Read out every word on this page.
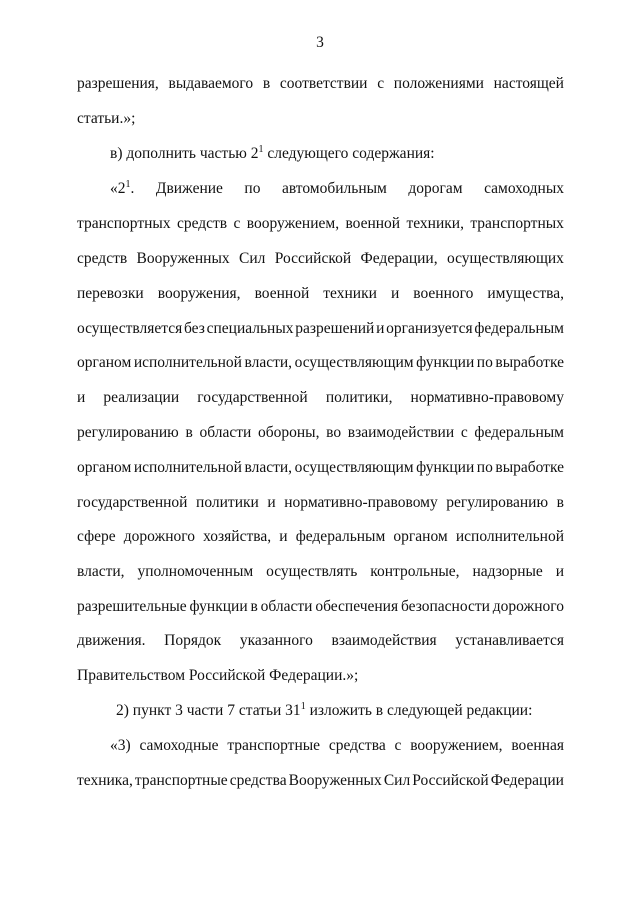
3
разрешения, выдаваемого в соответствии с положениями настоящей
статьи.»;
в) дополнить частью $2^1$ следующего содержания:
«$2^1$. Движение по автомобильным дорогам самоходных
транспортных средств с вооружением, военной техники, транспортных
средств Вооруженных Сил Российской Федерации, осуществляющих
перевозки вооружения, военной техники и военного имущества,
осуществляется без специальных разрешений и организуется федеральным
органом исполнительной власти, осуществляющим функции по выработке
и реализации государственной политики, нормативно-правовому
регулированию в области обороны, во взаимодействии с федеральным
органом исполнительной власти, осуществляющим функции по выработке
государственной политики и нормативно-правовому регулированию в
сфере дорожного хозяйства, и федеральным органом исполнительной
власти, уполномоченным осуществлять контрольные, надзорные и
разрешительные функции в области обеспечения безопасности дорожного
движения. Порядок указанного взаимодействия устанавливается
Правительством Российской Федерации.»;
2) пункт 3 части 7 статьи $31^1$ изложить в следующей редакции:
«3) самоходные транспортные средства с вооружением, военная
техника, транспортные средства Вооруженных Сил Российской Федерации
